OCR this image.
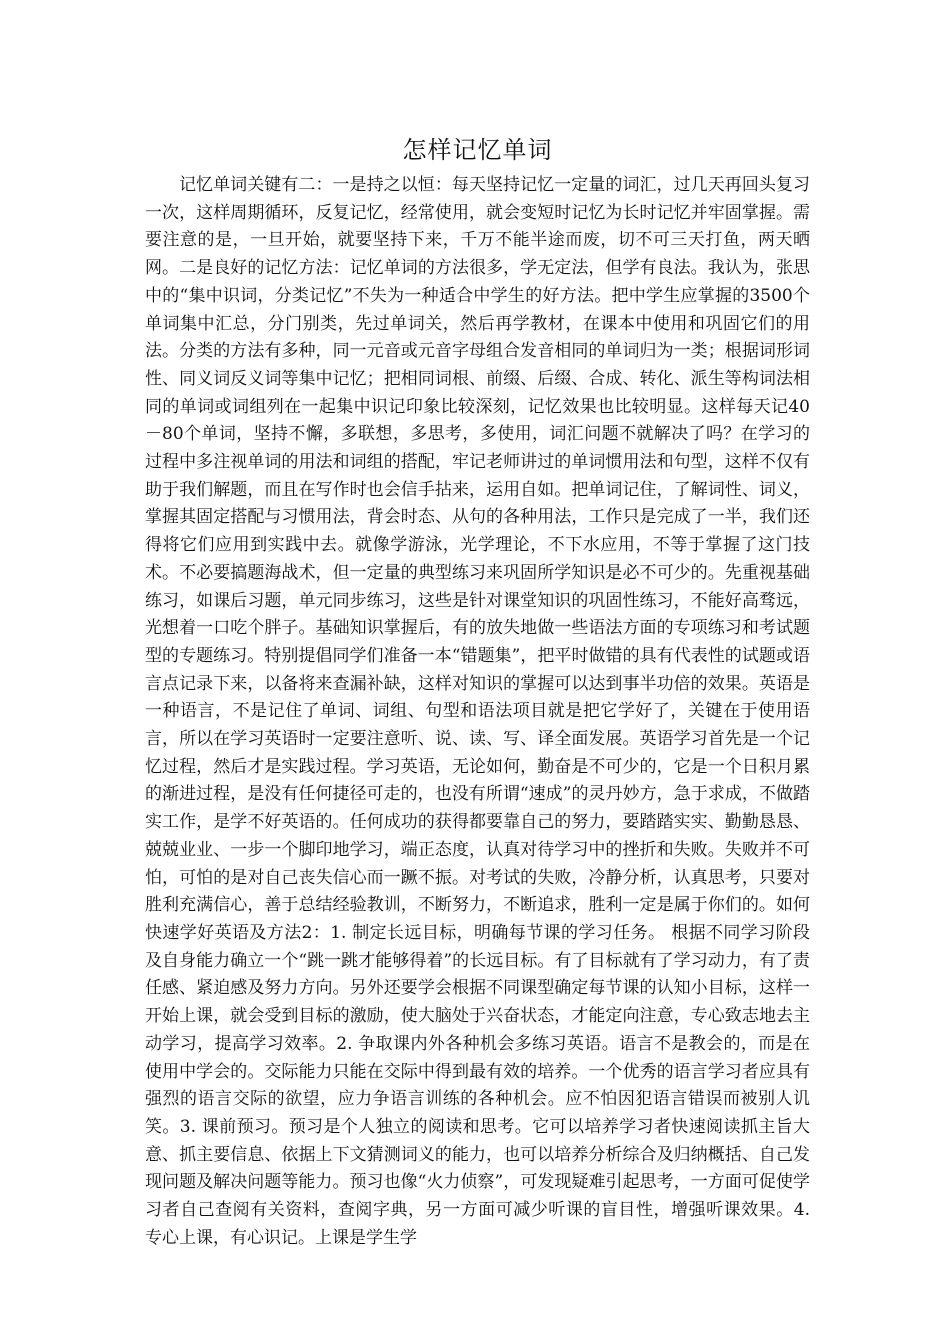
怎样记忆单词

记忆单词关键有二：一是持之以恒：每天坚持记忆一定量的词汇，过几天再回头复习一次，这样周期循环，反复记忆，经常使用，就会变短时记忆为长时记忆并牢固掌握。需要注意的是，一旦开始，就要坚持下来，千万不能半途而废，切不可三天打鱼，两天晒网。二是良好的记忆方法：记忆单词的方法很多，学无定法，但学有良法。我认为，张思中的“集中识词，分类记忆”不失为一种适合中学生的好方法。把中学生应掌握的3500个单词集中汇总，分门别类，先过单词关，然后再学教材，在课本中使用和巩固它们的用法。分类的方法有多种，同一元音或元音字母组合发音相同的单词归为一类；根据词形词性、同义词反义词等集中记忆；把相同词根、前缀、后缀、合成、转化、派生等构词法相同的单词或词组列在一起集中识记印象比较深刻，记忆效果也比较明显。这样每天记40－80个单词，坚持不懈，多联想，多思考，多使用，词汇问题不就解决了吗？在学习的过程中多注视单词的用法和词组的搭配，牢记老师讲过的单词惯用法和句型，这样不仅有助于我们解题，而且在写作时也会信手拈来，运用自如。把单词记住，了解词性、词义，掌握其固定搭配与习惯用法，背会时态、从句的各种用法，工作只是完成了一半，我们还得将它们应用到实践中去。就像学游泳，光学理论，不下水应用，不等于掌握了这门技术。不必要搞题海战术，但一定量的典型练习来巩固所学知识是必不可少的。先重视基础练习，如课后习题，单元同步练习，这些是针对课堂知识的巩固性练习，不能好高骛远，光想着一口吃个胖子。基础知识掌握后，有的放失地做一些语法方面的专项练习和考试题型的专题练习。特别提倡同学们准备一本“错题集”，把平时做错的具有代表性的试题或语言点记录下来，以备将来查漏补缺，这样对知识的掌握可以达到事半功倍的效果。英语是一种语言，不是记住了单词、词组、句型和语法项目就是把它学好了，关键在于使用语言，所以在学习英语时一定要注意听、说、读、写、译全面发展。英语学习首先是一个记忆过程，然后才是实践过程。学习英语，无论如何，勤奋是不可少的，它是一个日积月累的渐进过程，是没有任何捷径可走的，也没有所谓“速成”的灵丹妙方，急于求成，不做踏实工作，是学不好英语的。任何成功的获得都要靠自己的努力，要踏踏实实、勤勤恳恳、兢兢业业、一步一个脚印地学习，端正态度，认真对待学习中的挫折和失败。失败并不可怕，可怕的是对自己丧失信心而一蹶不振。对考试的失败，冷静分析，认真思考，只要对胜利充满信心，善于总结经验教训，不断努力，不断追求，胜利一定是属于你们的。如何快速学好英语及方法2：1. 制定长远目标，明确每节课的学习任务。 根据不同学习阶段及自身能力确立一个“跳一跳才能够得着”的长远目标。有了目标就有了学习动力，有了责任感、紧迫感及努力方向。另外还要学会根据不同课型确定每节课的认知小目标，这样一开始上课，就会受到目标的激励，使大脑处于兴奋状态，才能定向注意，专心致志地去主动学习，提高学习效率。2. 争取课内外各种机会多练习英语。语言不是教会的，而是在使用中学会的。交际能力只能在交际中得到最有效的培养。一个优秀的语言学习者应具有强烈的语言交际的欲望，应力争语言训练的各种机会。应不怕因犯语言错误而被别人讥笑。3. 课前预习。预习是个人独立的阅读和思考。它可以培养学习者快速阅读抓主旨大意、抓主要信息、依据上下文猜测词义的能力，也可以培养分析综合及归纳概括、自己发现问题及解决问题等能力。预习也像“火力侦察”，可发现疑难引起思考，一方面可促使学习者自己查阅有关资料，查阅字典，另一方面可减少听课的盲目性，增强听课效果。4. 专心上课，有心识记。上课是学生学
